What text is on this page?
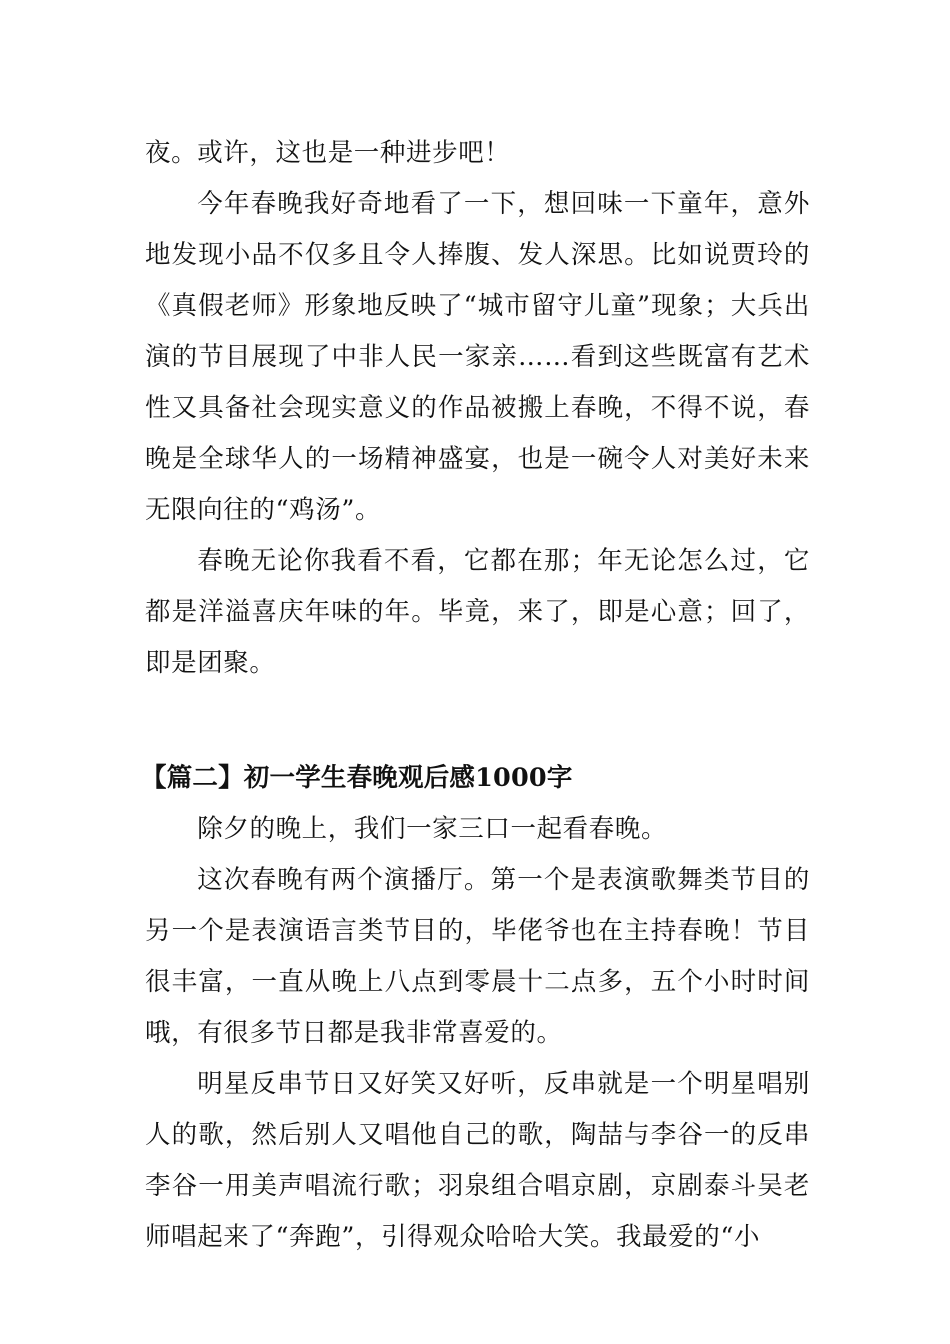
夜。或许，这也是一种进步吧！

今年春晚我好奇地看了一下，想回味一下童年，意外地发现小品不仅多且令人捧腹、发人深思。比如说贾玲的《真假老师》形象地反映了“城市留守儿童”现象；大兵出演的节目展现了中非人民一家亲……看到这些既富有艺术性又具备社会现实意义的作品被搬上春晚，不得不说，春晚是全球华人的一场精神盛宴，也是一碗令人对美好未来无限向往的“鸡汤”。

春晚无论你我看不看，它都在那；年无论怎么过，它都是洋溢喜庆年味的年。毕竟，来了，即是心意；回了，即是团聚。

【篇二】初一学生春晚观后感1000字

除夕的晚上，我们一家三口一起看春晚。

这次春晚有两个演播厅。第一个是表演歌舞类节目的另一个是表演语言类节目的，毕佬爷也在主持春晚！节目很丰富，一直从晚上八点到零晨十二点多，五个小时时间哦，有很多节日都是我非常喜爱的。

明星反串节日又好笑又好听，反串就是一个明星唱别人的歌，然后别人又唱他自己的歌，陶喆与李谷一的反串李谷一用美声唱流行歌；羽泉组合唱京剧，京剧泰斗吴老师唱起来了“奔跑”，引得观众哈哈大笑。我最爱的“小
